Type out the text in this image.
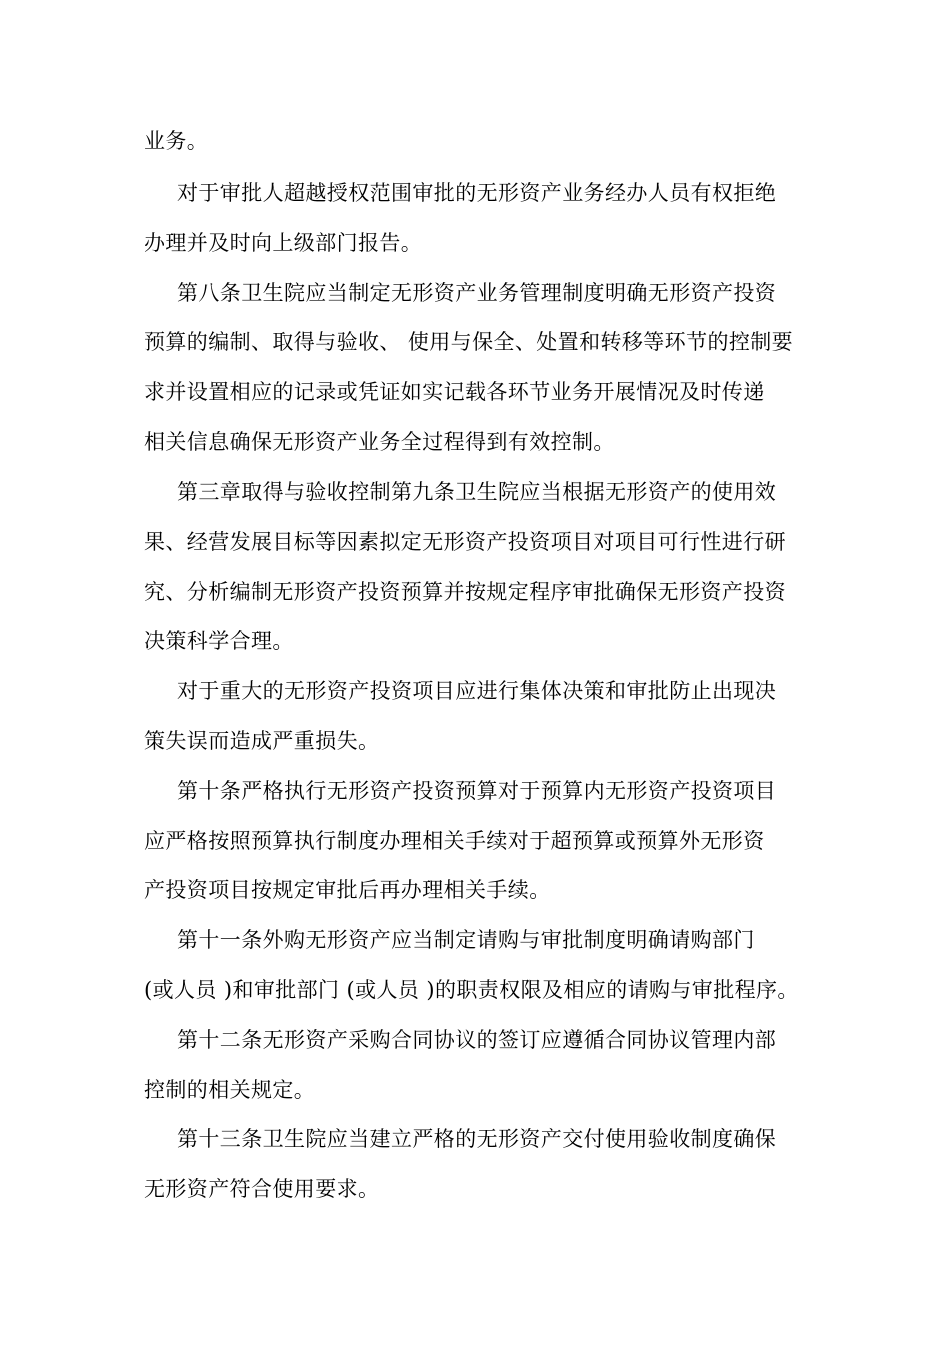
业务。
对于审批人超越授权范围审批的无形资产业务经办人员有权拒绝
办理并及时向上级部门报告。
第八条卫生院应当制定无形资产业务管理制度明确无形资产投资
预算的编制、取得与验收、 使用与保全、处置和转移等环节的控制要
求并设置相应的记录或凭证如实记载各环节业务开展情况及时传递
相关信息确保无形资产业务全过程得到有效控制。
第三章取得与验收控制第九条卫生院应当根据无形资产的使用效
果、经营发展目标等因素拟定无形资产投资项目对项目可行性进行研
究、分析编制无形资产投资预算并按规定程序审批确保无形资产投资
决策科学合理。
对于重大的无形资产投资项目应进行集体决策和审批防止出现决
策失误而造成严重损失。
第十条严格执行无形资产投资预算对于预算内无形资产投资项目
应严格按照预算执行制度办理相关手续对于超预算或预算外无形资
产投资项目按规定审批后再办理相关手续。
第十一条外购无形资产应当制定请购与审批制度明确请购部门
(或人员 )和审批部门 (或人员 )的职责权限及相应的请购与审批程序。
第十二条无形资产采购合同协议的签订应遵循合同协议管理内部
控制的相关规定。
第十三条卫生院应当建立严格的无形资产交付使用验收制度确保
无形资产符合使用要求。
